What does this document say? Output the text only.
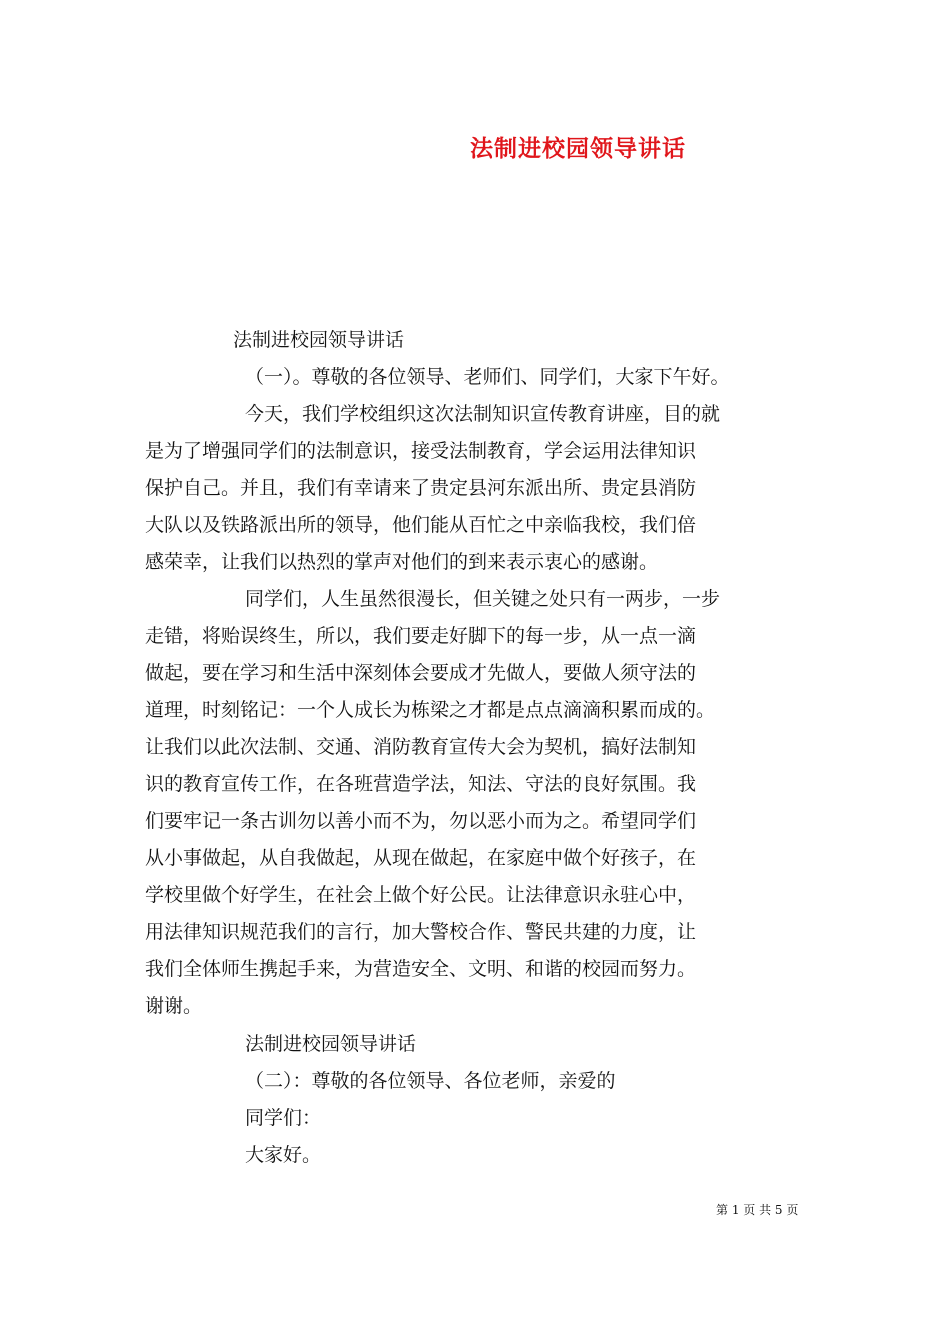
法制进校园领导讲话
法制进校园领导讲话
（一）。尊敬的各位领导、老师们、同学们，大家下午好。
今天，我们学校组织这次法制知识宣传教育讲座，目的就
是为了增强同学们的法制意识，接受法制教育，学会运用法律知识
保护自己。并且，我们有幸请来了贵定县河东派出所、贵定县消防
大队以及铁路派出所的领导，他们能从百忙之中亲临我校，我们倍
感荣幸，让我们以热烈的掌声对他们的到来表示衷心的感谢。
同学们，人生虽然很漫长，但关键之处只有一两步，一步
走错，将贻误终生，所以，我们要走好脚下的每一步，从一点一滴
做起，要在学习和生活中深刻体会要成才先做人，要做人须守法的
道理，时刻铭记：一个人成长为栋梁之才都是点点滴滴积累而成的。
让我们以此次法制、交通、消防教育宣传大会为契机，搞好法制知
识的教育宣传工作，在各班营造学法，知法、守法的良好氛围。我
们要牢记一条古训勿以善小而不为，勿以恶小而为之。希望同学们
从小事做起，从自我做起，从现在做起，在家庭中做个好孩子，在
学校里做个好学生，在社会上做个好公民。让法律意识永驻心中，
用法律知识规范我们的言行，加大警校合作、警民共建的力度，让
我们全体师生携起手来，为营造安全、文明、和谐的校园而努力。
谢谢。
法制进校园领导讲话
（二）：尊敬的各位领导、各位老师，亲爱的
同学们：
大家好。
第 1 页 共 5 页
